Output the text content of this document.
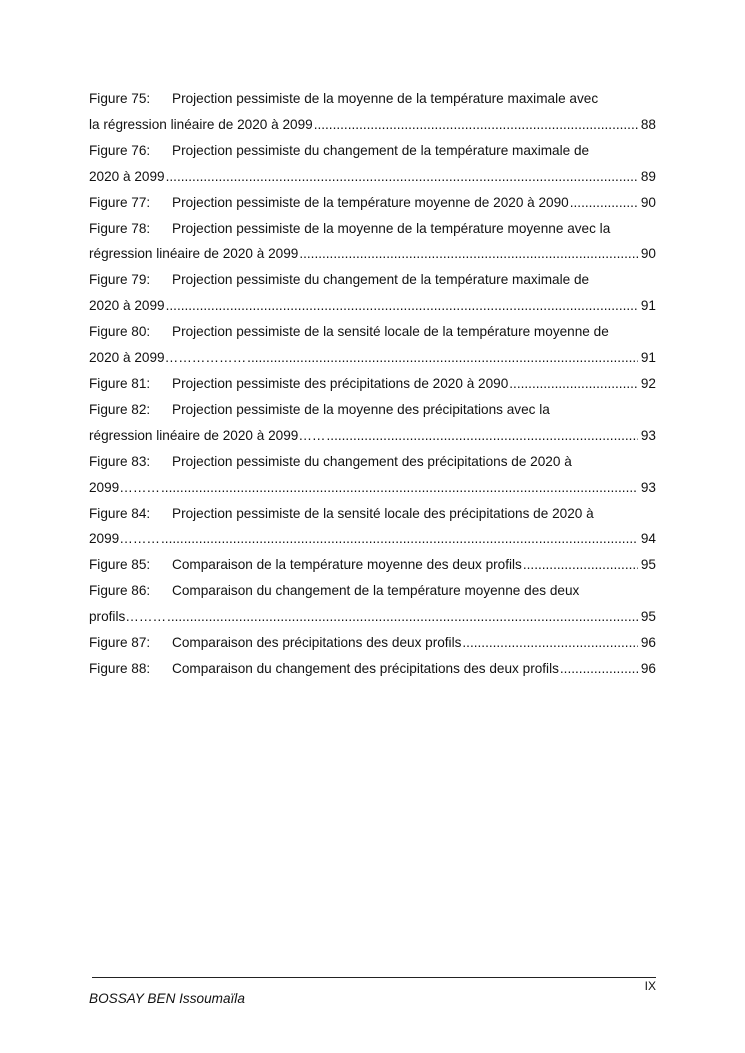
Figure 75: Projection pessimiste de la moyenne de la température maximale avec
la régression linéaire de 2020 à 2099 .....	88
Figure 76: Projection pessimiste du changement de la température maximale de
2020 à 2099 .....	89
Figure 77: Projection pessimiste de la température moyenne de 2020 à 2090 .....	90
Figure 78: Projection pessimiste de la moyenne de la température moyenne avec la
régression linéaire de 2020 à 2099 .....	90
Figure 79: Projection pessimiste du changement de la température maximale de
2020 à 2099 .....	91
Figure 80: Projection pessimiste de la sensité locale de la température moyenne de
2020 à 2099……………… .....	91
Figure 81: Projection pessimiste des précipitations de 2020 à 2090 .....	92
Figure 82: Projection pessimiste de la moyenne des précipitations avec la
régression linéaire de 2020 à 2099…… .....	93
Figure 83: Projection pessimiste du changement des précipitations de 2020 à
2099……… .....	93
Figure 84: Projection pessimiste de la sensité locale des précipitations de 2020 à
2099……… .....	94
Figure 85: Comparaison de la température moyenne des deux profils .....	95
Figure 86: Comparaison du changement de la température moyenne des deux
profils……… .....	95
Figure 87: Comparaison des précipitations des deux profils .....	96
Figure 88: Comparaison du changement des précipitations des deux profils .....	96
IX
BOSSAY BEN Issoumaïla
